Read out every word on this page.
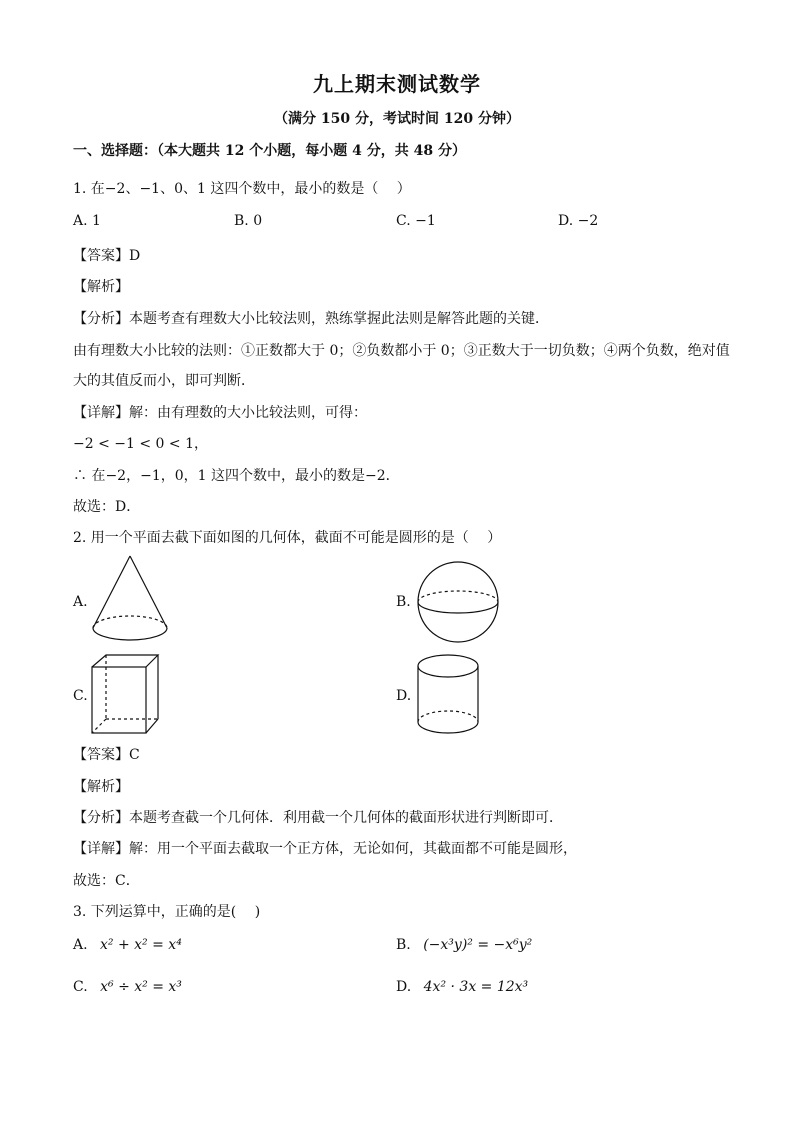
九上期末测试数学
（满分 150 分，考试时间 120 分钟）
一、选择题：（本大题共 12 个小题，每小题 4 分，共 48 分）
1. 在−2、−1、0、1 这四个数中，最小的数是（　 ）
A. 1	B. 0	C. −1	D. −2
【答案】D
【解析】
【分析】本题考查有理数大小比较法则，熟练掌握此法则是解答此题的关键．
由有理数大小比较的法则：①正数都大于 0；②负数都小于 0；③正数大于一切负数；④两个负数，绝对值
大的其值反而小，即可判断．
【详解】解：由有理数的大小比较法则，可得：
−2 < −1 < 0 < 1，
∴ 在−2，−1，0，1 这四个数中，最小的数是−2．
故选：D．
2. 用一个平面去截下面如图的几何体，截面不可能是圆形的是（　 ）
A.	B.
C.	D.
【答案】C
【解析】
【分析】本题考查截一个几何体．利用截一个几何体的截面形状进行判断即可．
【详解】解：用一个平面去截取一个正方体，无论如何，其截面都不可能是圆形，
故选：C．
3. 下列运算中，正确的是(　 )
A. x² + x² = x⁴	B. (−x³y)² = −x⁶y²
C. x⁶ ÷ x² = x³	D. 4x² · 3x = 12x³
